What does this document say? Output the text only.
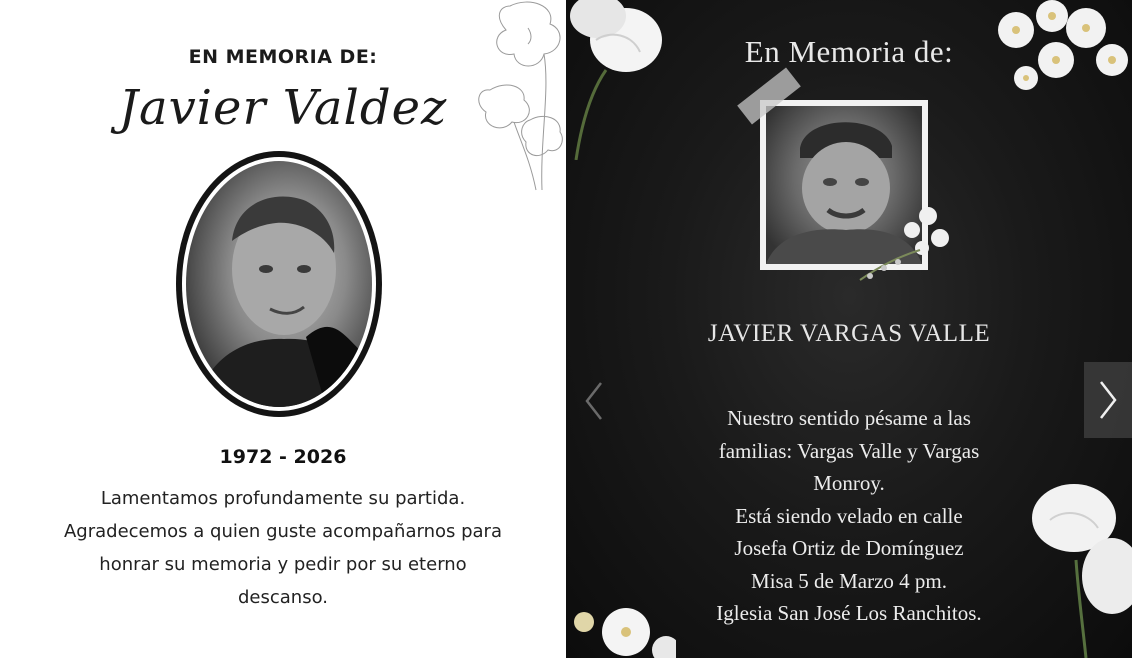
EN MEMORIA DE:
Javier Valdez
1972 - 2026
Lamentamos profundamente su partida.
Agradecemos a quien guste acompañarnos para
honrar su memoria y pedir por su eterno
descanso.
En Memoria de:
JAVIER VARGAS VALLE
Nuestro sentido pésame a las
familias: Vargas Valle y Vargas
Monroy.
Está siendo velado en calle
Josefa Ortiz de Domínguez
Misa 5 de Marzo 4 pm.
Iglesia San José Los Ranchitos.
